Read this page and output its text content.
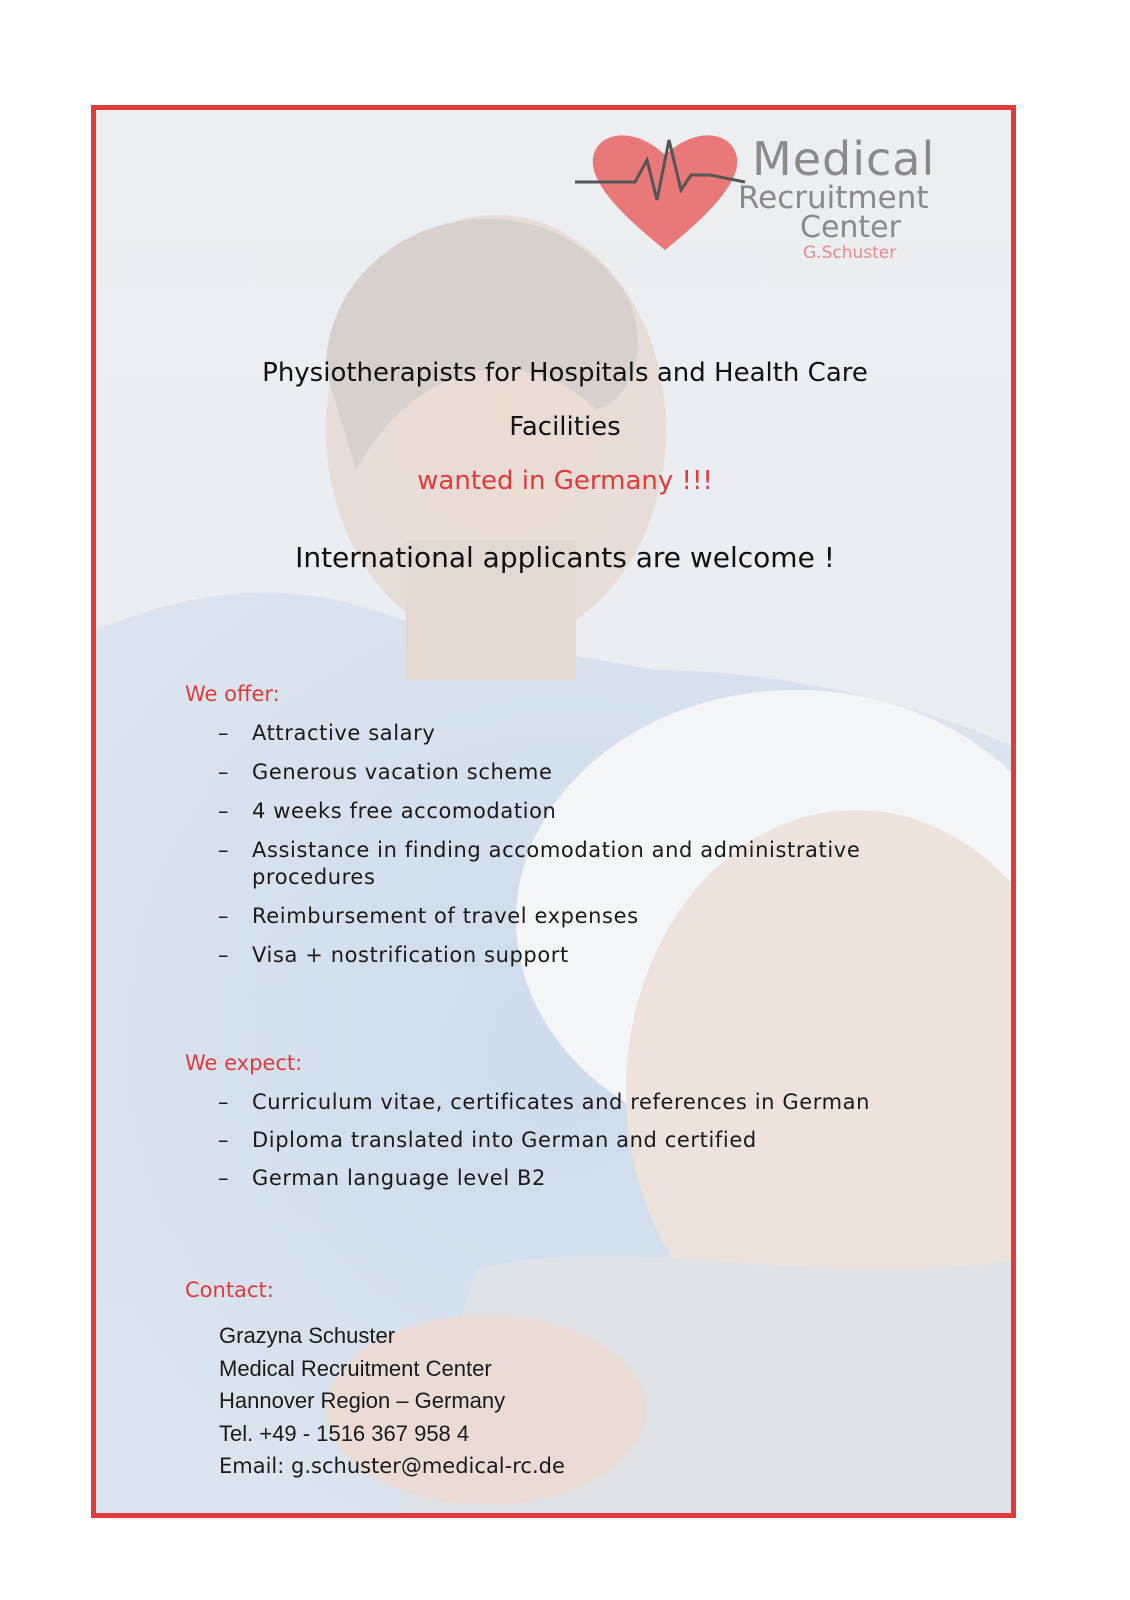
Medical
Recruitment
Center
G.Schuster
Physiotherapists for Hospitals and Health Care
Facilities
wanted in Germany !!!
International applicants are welcome !
We offer:
– Attractive salary
– Generous vacation scheme
– 4 weeks free accomodation
– Assistance in finding accomodation and administrative procedures
– Reimbursement of travel expenses
– Visa + nostrification support
We expect:
– Curriculum vitae, certificates and references in German
– Diploma translated into German and certified
– German language level B2
Contact:
Grazyna Schuster
Medical Recruitment Center
Hannover Region – Germany
Tel. +49 - 1516 367 958 4
Email: g.schuster@medical-rc.de
